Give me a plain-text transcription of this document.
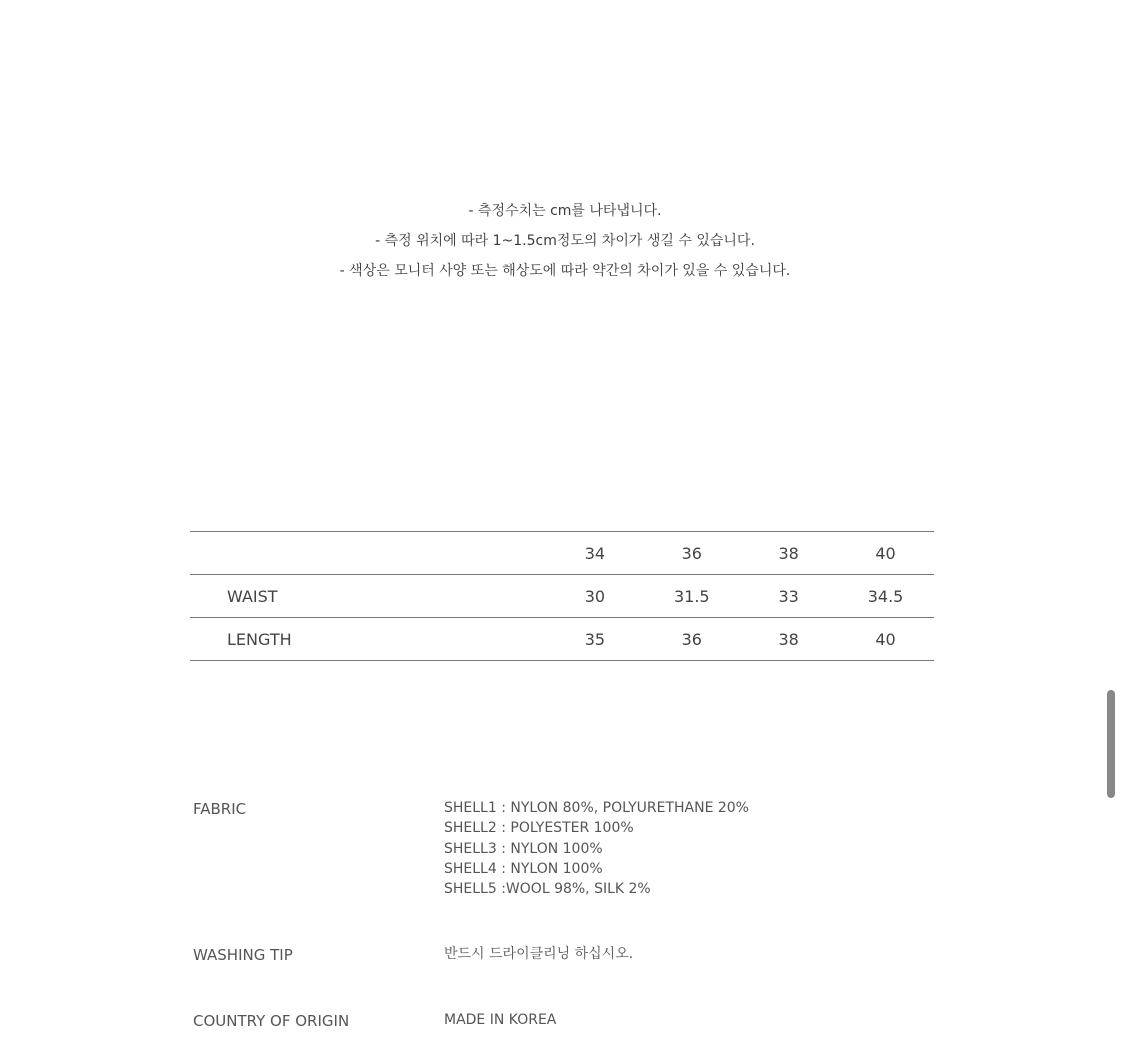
- 측정수치는 cm를 나타냅니다.
- 측정 위치에 따라 1~1.5cm정도의 차이가 생길 수 있습니다.
- 색상은 모니터 사양 또는 해상도에 따라 약간의 차이가 있을 수 있습니다.
	34	36	38	40
WAIST	30	31.5	33	34.5
LENGTH	35	36	38	40
FABRIC	SHELL1 : NYLON 80%, POLYURETHANE 20%
SHELL2 : POLYESTER 100%
SHELL3 : NYLON 100%
SHELL4 : NYLON 100%
SHELL5 :WOOL 98%, SILK 2%
WASHING TIP	반드시 드라이클리닝 하십시오.
COUNTRY OF ORIGIN	MADE IN KOREA
